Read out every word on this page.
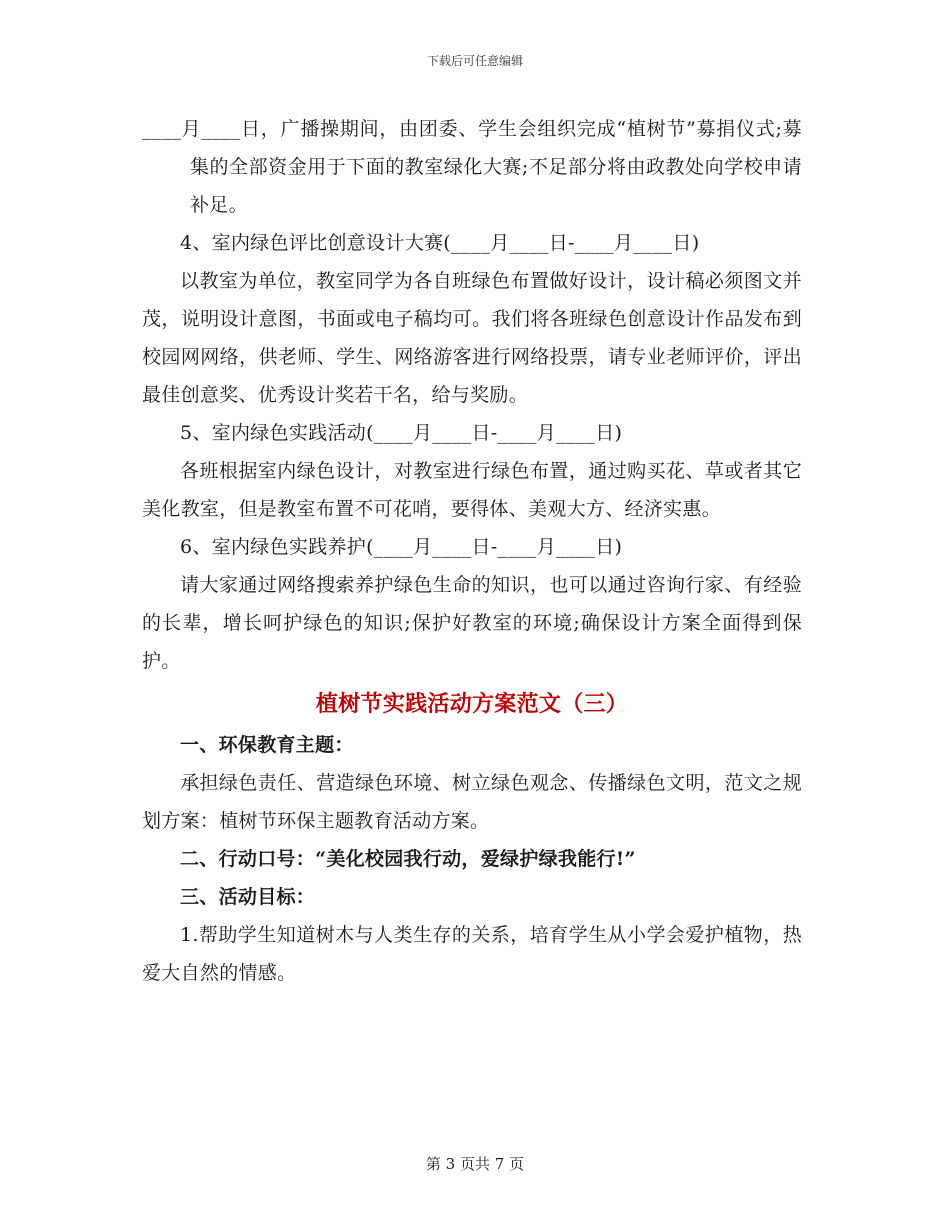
下载后可任意编辑

____月____日，广播操期间，由团委、学生会组织完成“植树节”募捐仪式;募集的全部资金用于下面的教室绿化大赛;不足部分将由政教处向学校申请补足。

4、室内绿色评比创意设计大赛(____月____日-____月____日)

以教室为单位，教室同学为各自班绿色布置做好设计，设计稿必须图文并茂，说明设计意图，书面或电子稿均可。我们将各班绿色创意设计作品发布到校园网网络，供老师、学生、网络游客进行网络投票，请专业老师评价，评出最佳创意奖、优秀设计奖若干名，给与奖励。

5、室内绿色实践活动(____月____日-____月____日)

各班根据室内绿色设计，对教室进行绿色布置，通过购买花、草或者其它美化教室，但是教室布置不可花哨，要得体、美观大方、经济实惠。

6、室内绿色实践养护(____月____日-____月____日)

请大家通过网络搜索养护绿色生命的知识，也可以通过咨询行家、有经验的长辈，增长呵护绿色的知识;保护好教室的环境;确保设计方案全面得到保护。

植树节实践活动方案范文（三）

一、环保教育主题：

承担绿色责任、营造绿色环境、树立绿色观念、传播绿色文明，范文之规划方案：植树节环保主题教育活动方案。

二、行动口号：“美化校园我行动，爱绿护绿我能行!”

三、活动目标：

1.帮助学生知道树木与人类生存的关系，培育学生从小学会爱护植物，热爱大自然的情感。

第 3 页共 7 页
